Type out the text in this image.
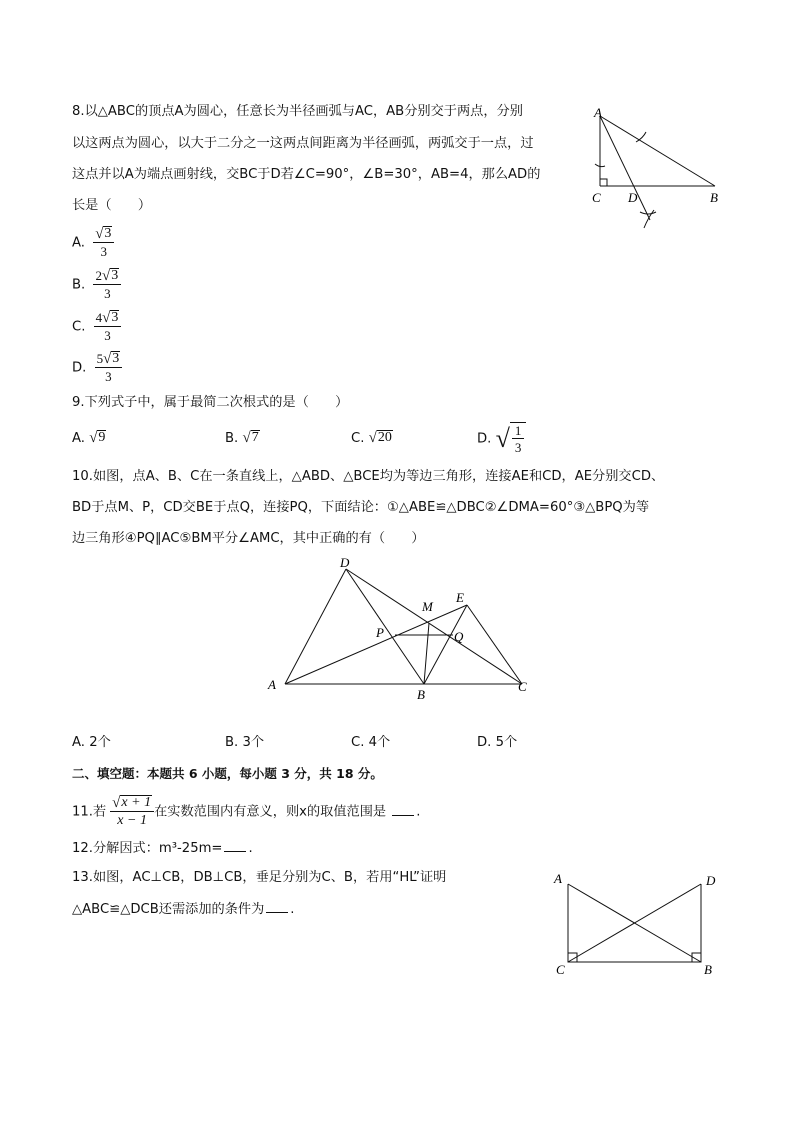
8.以△ABC的顶点A为圆心，任意长为半径画弧与AC，AB分别交于两点，分别
以这两点为圆心，以大于二分之一这两点间距离为半径画弧，两弧交于一点，过
这点并以A为端点画射线，交BC于D若∠C=90°，∠B=30°，AB=4，那么AD的
长是（　　）
A. $\frac{√ 3}{3}$
B. $\frac{2 √ 3}{3}$
C. $\frac{4 √ 3}{3}$
D. $\frac{5 √ 3}{3}$
A
C D	B
9.下列式子中，属于最简二次根式的是（　　）
A. √ 9	B. √ 7	C. √ 20	D. √ $\frac{1}{3}$
10.如图，点A、B、C在一条直线上，△ABD、△BCE均为等边三角形，连接AE和CD，AE分别交CD、
BD于点M、P，CD交BE于点Q，连接PQ，下面结论：①△ABE≌△DBC②∠DMA=60°③△BPQ为等
边三角形④PQ∥AC⑤BM平分∠AMC，其中正确的有（　　）
D
E
M
P	Q
A
B
C
A. 2个	B. 3个	C. 4个	D. 5个
二、填空题：本题共 6 小题，每小题 3 分，共 18 分。
11.若 $\frac{√ x + 1}{x - 1}$ 在实数范围内有意义，则x的取值范围是 .
12.分解因式：m³-25m= .
13.如图，AC⊥CB，DB⊥CB，垂足分别为C、B，若用“HL”证明
△ABC≌△DCB还需添加的条件为 .
A	D
C	B
